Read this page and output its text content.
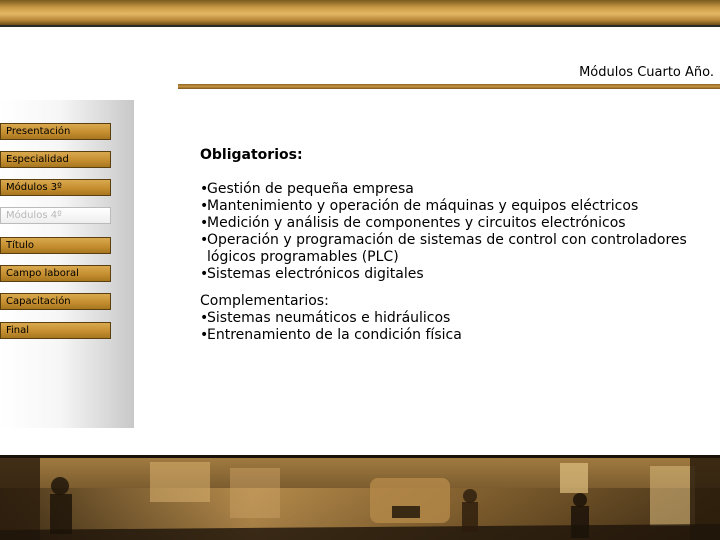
Módulos Cuarto Año.
Presentación
Especialidad
Módulos 3º
Módulos 4º
Título
Campo laboral
Capacitación
Final
Obligatorios:
•
Gestión de pequeña empresa
•
Mantenimiento y operación de máquinas y equipos eléctricos
•
Medición y análisis de componentes y circuitos electrónicos
•
Operación y programación de sistemas de control con controladores lógicos programables (PLC)
•
Sistemas electrónicos digitales
Complementarios:
•
Sistemas neumáticos e hidráulicos
•
Entrenamiento de la condición física
